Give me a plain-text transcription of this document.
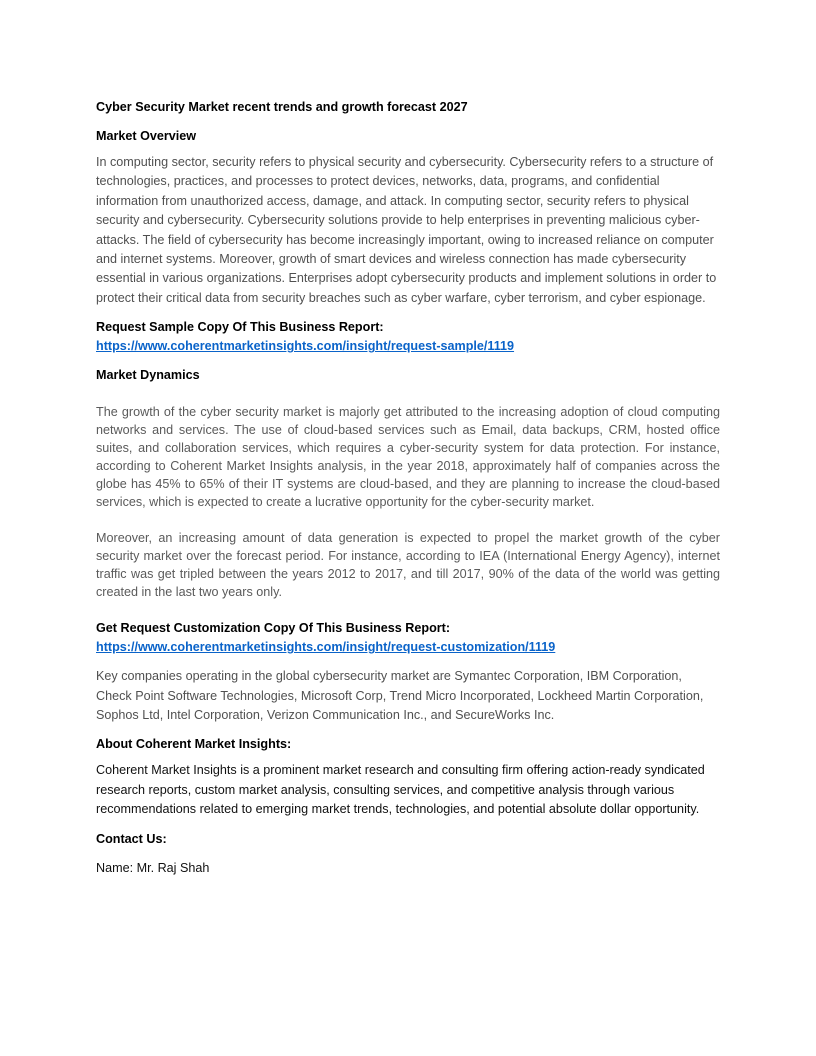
Cyber Security Market recent trends and growth forecast 2027

Market Overview

In computing sector, security refers to physical security and cybersecurity. Cybersecurity refers to a structure of technologies, practices, and processes to protect devices, networks, data, programs, and confidential information from unauthorized access, damage, and attack. In computing sector, security refers to physical security and cybersecurity. Cybersecurity solutions provide to help enterprises in preventing malicious cyber-attacks. The field of cybersecurity has become increasingly important, owing to increased reliance on computer and internet systems. Moreover, growth of smart devices and wireless connection has made cybersecurity essential in various organizations. Enterprises adopt cybersecurity products and implement solutions in order to protect their critical data from security breaches such as cyber warfare, cyber terrorism, and cyber espionage.

Request Sample Copy Of This Business Report:

https://www.coherentmarketinsights.com/insight/request-sample/1119

Market Dynamics

The growth of the cyber security market is majorly get attributed to the increasing adoption of cloud computing networks and services. The use of cloud-based services such as Email, data backups, CRM, hosted office suites, and collaboration services, which requires a cyber-security system for data protection. For instance, according to Coherent Market Insights analysis, in the year 2018, approximately half of companies across the globe has 45% to 65% of their IT systems are cloud-based, and they are planning to increase the cloud-based services, which is expected to create a lucrative opportunity for the cyber-security market.

Moreover, an increasing amount of data generation is expected to propel the market growth of the cyber security market over the forecast period. For instance, according to IEA (International Energy Agency), internet traffic was get tripled between the years 2012 to 2017, and till 2017, 90% of the data of the world was getting created in the last two years only.

Get Request Customization Copy Of This Business Report:

https://www.coherentmarketinsights.com/insight/request-customization/1119

Key companies operating in the global cybersecurity market are Symantec Corporation, IBM Corporation, Check Point Software Technologies, Microsoft Corp, Trend Micro Incorporated, Lockheed Martin Corporation, Sophos Ltd, Intel Corporation, Verizon Communication Inc., and SecureWorks Inc.

About Coherent Market Insights:

Coherent Market Insights is a prominent market research and consulting firm offering action-ready syndicated research reports, custom market analysis, consulting services, and competitive analysis through various recommendations related to emerging market trends, technologies, and potential absolute dollar opportunity.

Contact Us:

Name: Mr. Raj Shah
